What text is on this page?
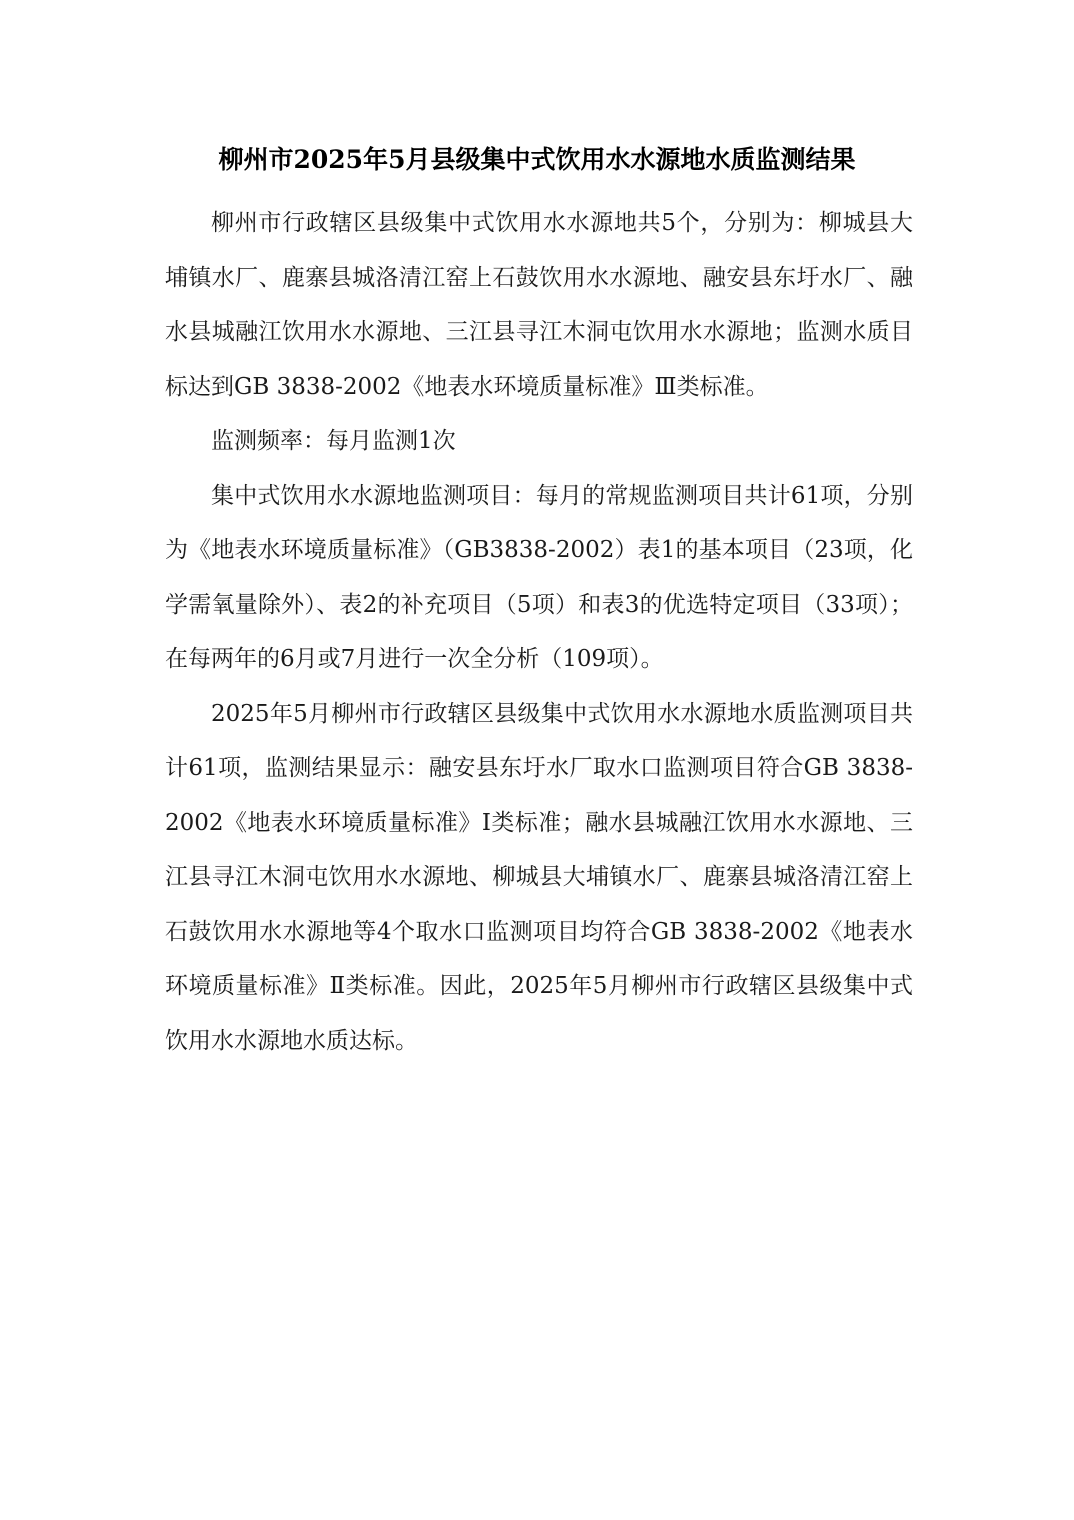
柳州市2025年5月县级集中式饮用水水源地水质监测结果

柳州市行政辖区县级集中式饮用水水源地共5个，分别为：柳城县大埔镇水厂、鹿寨县城洛清江窑上石鼓饮用水水源地、融安县东圩水厂、融水县城融江饮用水水源地、三江县寻江木洞屯饮用水水源地；监测水质目标达到GB 3838-2002《地表水环境质量标准》Ⅲ类标准。

监测频率：每月监测1次

集中式饮用水水源地监测项目：每月的常规监测项目共计61项，分别为《地表水环境质量标准》（GB3838-2002）表1的基本项目（23项，化学需氧量除外）、表2的补充项目（5项）和表3的优选特定项目（33项）；在每两年的6月或7月进行一次全分析（109项）。

2025年5月柳州市行政辖区县级集中式饮用水水源地水质监测项目共计61项，监测结果显示：融安县东圩水厂取水口监测项目符合GB 3838-2002《地表水环境质量标准》Ⅰ类标准；融水县城融江饮用水水源地、三江县寻江木洞屯饮用水水源地、柳城县大埔镇水厂、鹿寨县城洛清江窑上石鼓饮用水水源地等4个取水口监测项目均符合GB 3838-2002《地表水环境质量标准》Ⅱ类标准。因此，2025年5月柳州市行政辖区县级集中式饮用水水源地水质达标。
